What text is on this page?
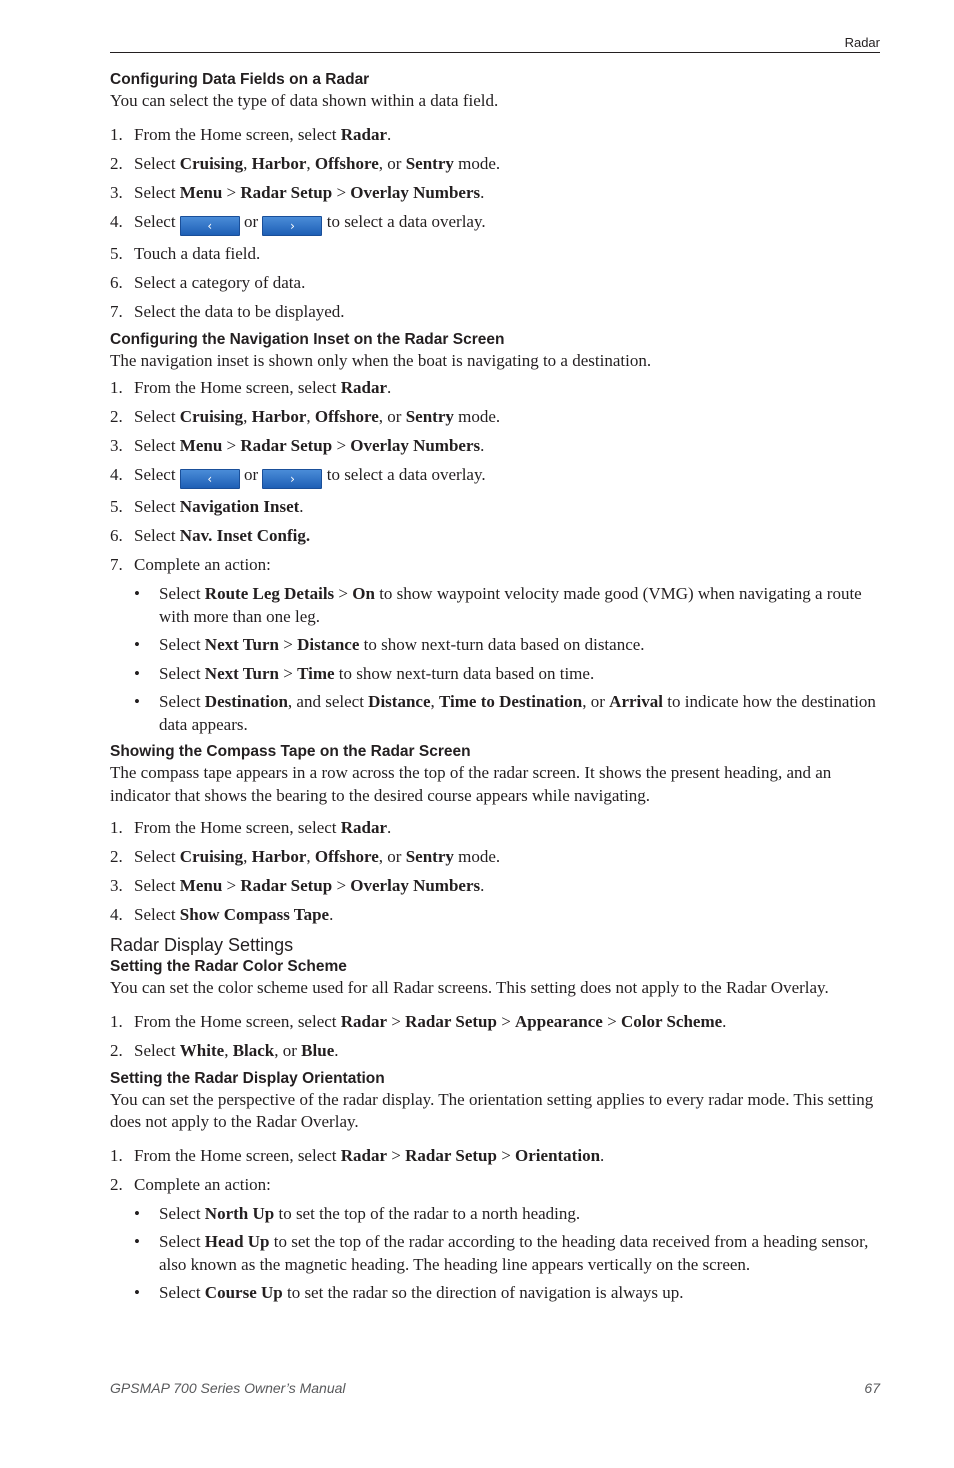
Radar
Configuring Data Fields on a Radar

You can select the type of data shown within a data field.

1. From the Home screen, select Radar.
2. Select Cruising, Harbor, Offshore, or Sentry mode.
3. Select Menu > Radar Setup > Overlay Numbers.
4. Select ‹ or › to select a data overlay.
5. Touch a data field.
6. Select a category of data.
7. Select the data to be displayed.
Configuring the Navigation Inset on the Radar Screen

The navigation inset is shown only when the boat is navigating to a destination.

1. From the Home screen, select Radar.
2. Select Cruising, Harbor, Offshore, or Sentry mode.
3. Select Menu > Radar Setup > Overlay Numbers.
4. Select ‹ or › to select a data overlay.
5. Select Navigation Inset.
6. Select Nav. Inset Config.
7. Complete an action:
• Select Route Leg Details > On to show waypoint velocity made good (VMG) when navigating a route with more than one leg.
• Select Next Turn > Distance to show next-turn data based on distance.
• Select Next Turn > Time to show next-turn data based on time.
• Select Destination, and select Distance, Time to Destination, or Arrival to indicate how the destination data appears.
Showing the Compass Tape on the Radar Screen

The compass tape appears in a row across the top of the radar screen. It shows the present heading, and an indicator that shows the bearing to the desired course appears while navigating.

1. From the Home screen, select Radar.
2. Select Cruising, Harbor, Offshore, or Sentry mode.
3. Select Menu > Radar Setup > Overlay Numbers.
4. Select Show Compass Tape.
Radar Display Settings
Setting the Radar Color Scheme

You can set the color scheme used for all Radar screens. This setting does not apply to the Radar Overlay.

1. From the Home screen, select Radar > Radar Setup > Appearance > Color Scheme.
2. Select White, Black, or Blue.
Setting the Radar Display Orientation

You can set the perspective of the radar display. The orientation setting applies to every radar mode. This setting does not apply to the Radar Overlay.

1. From the Home screen, select Radar > Radar Setup > Orientation.
2. Complete an action:
• Select North Up to set the top of the radar to a north heading.
• Select Head Up to set the top of the radar according to the heading data received from a heading sensor, also known as the magnetic heading. The heading line appears vertically on the screen.
• Select Course Up to set the radar so the direction of navigation is always up.
GPSMAP 700 Series Owner’s Manual	67
